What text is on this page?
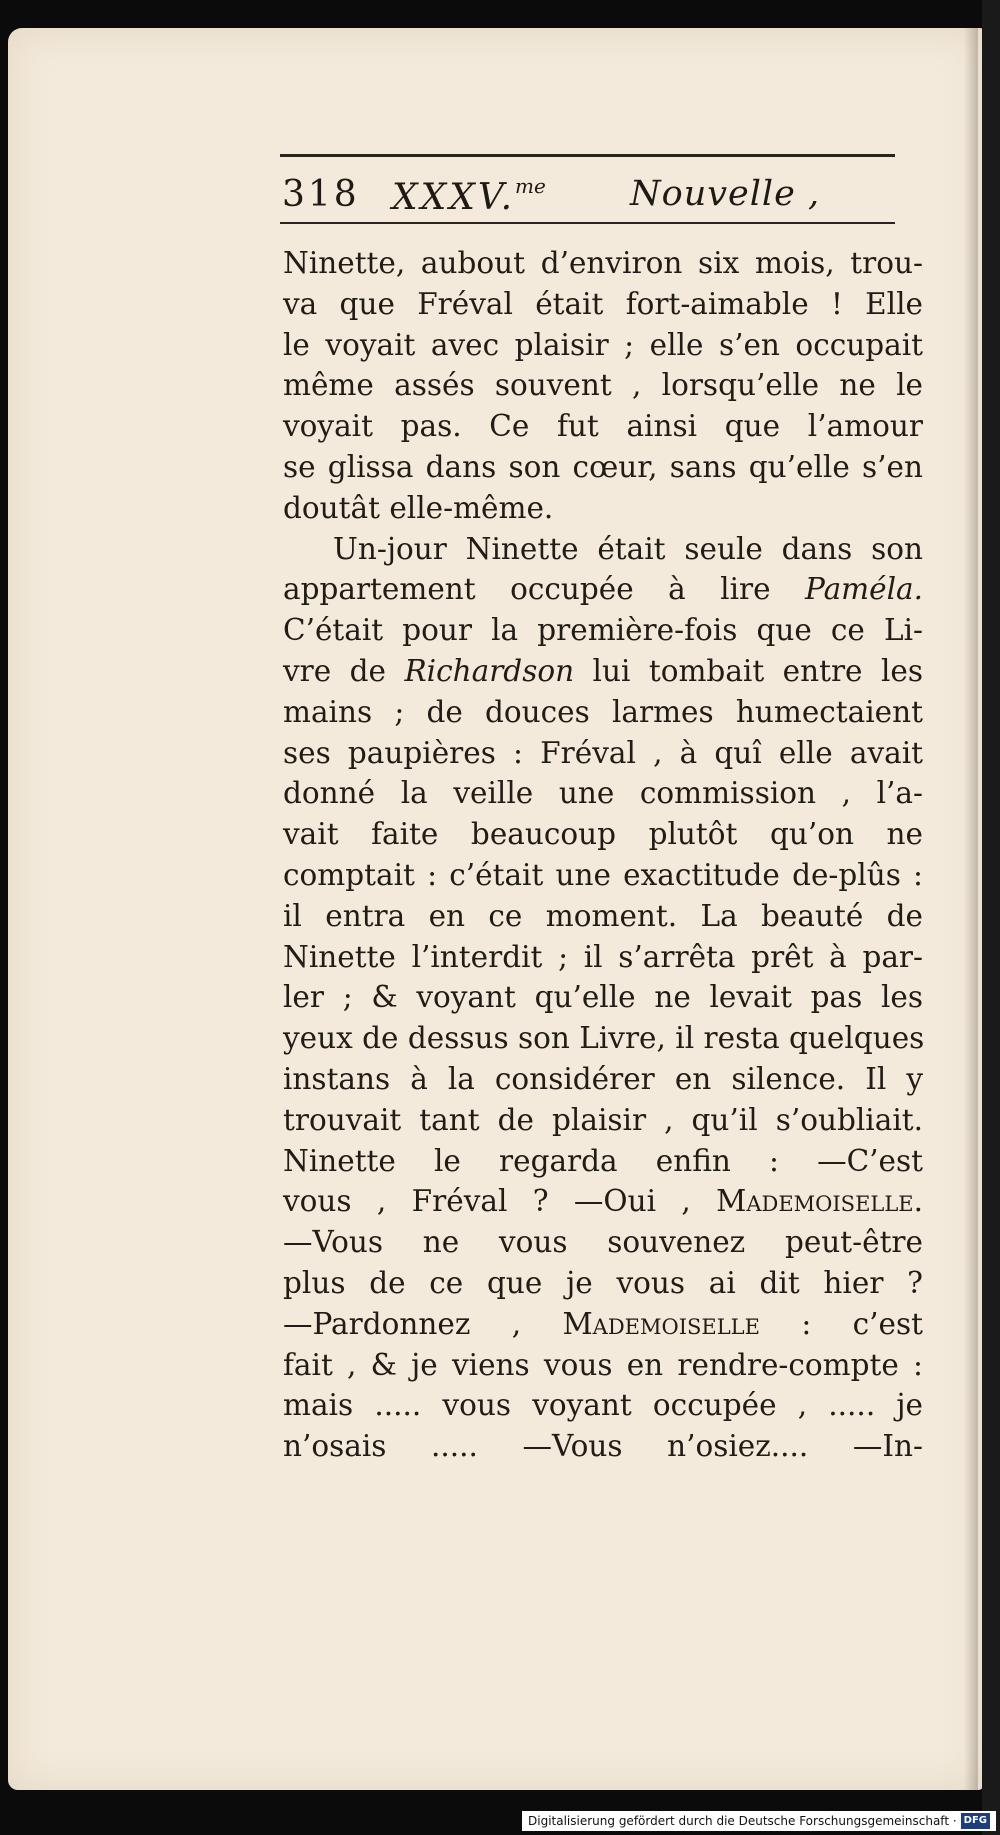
318 XXXV.$^{me}$ Nouvelle ,
Ninette, aubout d’environ six mois, trou-
va que Fréval était fort-aimable ! Elle
le voyait avec plaisir ; elle s’en occupait
même assés souvent , lorsqu’elle ne le
voyait pas. Ce fut ainsi que l’amour
se glissa dans son cœur, sans qu’elle s’en
doutât elle-même.
Un-jour Ninette était seule dans son
appartement occupée à lire Paméla.
C’était pour la première-fois que ce Li-
vre de Richardson lui tombait entre les
mains ; de douces larmes humectaient
ses paupières : Fréval , à quî elle avait
donné la veille une commission , l’a-
vait faite beaucoup plutôt qu’on ne
comptait : c’était une exactitude de-plûs :
il entra en ce moment. La beauté de
Ninette l’interdit ; il s’arrêta prêt à par-
ler ; & voyant qu’elle ne levait pas les
yeux de dessus son Livre, il resta quelques
instans à la considérer en silence. Il y
trouvait tant de plaisir , qu’il s’oubliait.
Ninette le regarda enfin : —C’est
vous , Fréval ? —Oui , Mademoiselle.
—Vous ne vous souvenez peut-être
plus de ce que je vous ai dit hier ?
—Pardonnez , Mademoiselle : c’est
fait , & je viens vous en rendre-compte :
mais ..... vous voyant occupée , ..... je
n’osais ..... —Vous n’osiez.... —In-
Digitalisierung gefördert durch die Deutsche Forschungsgemeinschaft · DFG
